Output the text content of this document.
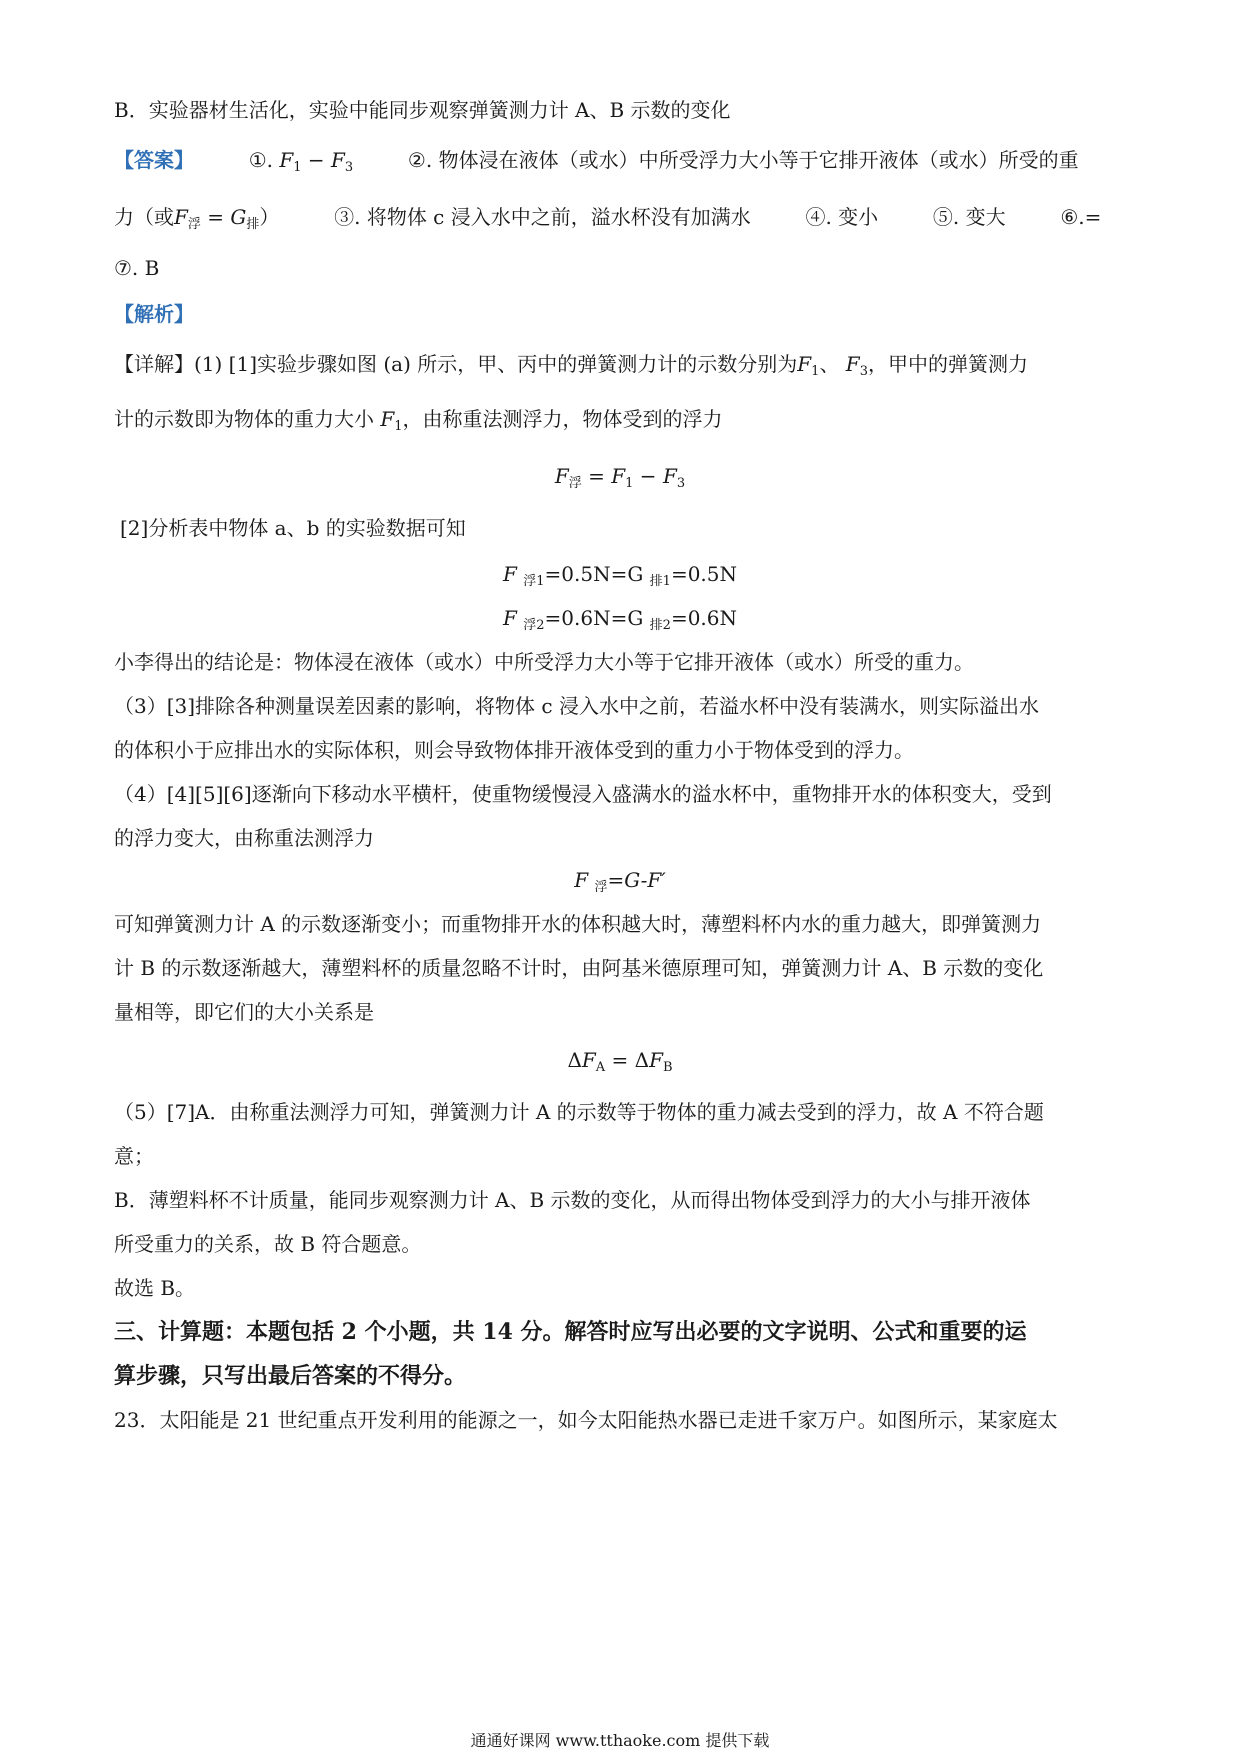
B．实验器材生活化，实验中能同步观察弹簧测力计 A、B 示数的变化
【答案】	①. $F_1 - F_3$	②. 物体浸在液体（或水）中所受浮力大小等于它排开液体（或水）所受的重
力（或$F_浮 = G_排$）	③. 将物体 c 浸入水中之前，溢水杯没有加满水	④. 变小	⑤. 变大	⑥.=
⑦. B
【解析】
【详解】(1) [1]实验步骤如图 (a) 所示，甲、丙中的弹簧测力计的示数分别为$F_1$、 $F_3$，甲中的弹簧测力
计的示数即为物体的重力大小 $F_1$，由称重法测浮力，物体受到的浮力
$F_浮 = F_1 - F_3$
[2]分析表中物体 a、b 的实验数据可知
F $_{浮1}$=0.5N=G $_{排1}$=0.5N
F $_{浮2}$=0.6N=G $_{排2}$=0.6N
小李得出的结论是：物体浸在液体（或水）中所受浮力大小等于它排开液体（或水）所受的重力。
（3）[3]排除各种测量误差因素的影响，将物体 c 浸入水中之前，若溢水杯中没有装满水，则实际溢出水
的体积小于应排出水的实际体积，则会导致物体排开液体受到的重力小于物体受到的浮力。
（4）[4][5][6]逐渐向下移动水平横杆，使重物缓慢浸入盛满水的溢水杯中，重物排开水的体积变大，受到
的浮力变大，由称重法测浮力
F $_浮$=G-F′
可知弹簧测力计 A 的示数逐渐变小；而重物排开水的体积越大时，薄塑料杯内水的重力越大，即弹簧测力
计 B 的示数逐渐越大，薄塑料杯的质量忽略不计时，由阿基米德原理可知，弹簧测力计 A、B 示数的变化
量相等，即它们的大小关系是
$\Delta F_A = \Delta F_B$
（5）[7]A．由称重法测浮力可知，弹簧测力计 A 的示数等于物体的重力减去受到的浮力，故 A 不符合题
意；
B．薄塑料杯不计质量，能同步观察测力计 A、B 示数的变化，从而得出物体受到浮力的大小与排开液体
所受重力的关系，故 B 符合题意。
故选 B。
三、计算题：本题包括 2 个小题，共 14 分。解答时应写出必要的文字说明、公式和重要的运
算步骤，只写出最后答案的不得分。
23．太阳能是 21 世纪重点开发利用的能源之一，如今太阳能热水器已走进千家万户。如图所示，某家庭太
通通好课网 www.tthaoke.com 提供下载
